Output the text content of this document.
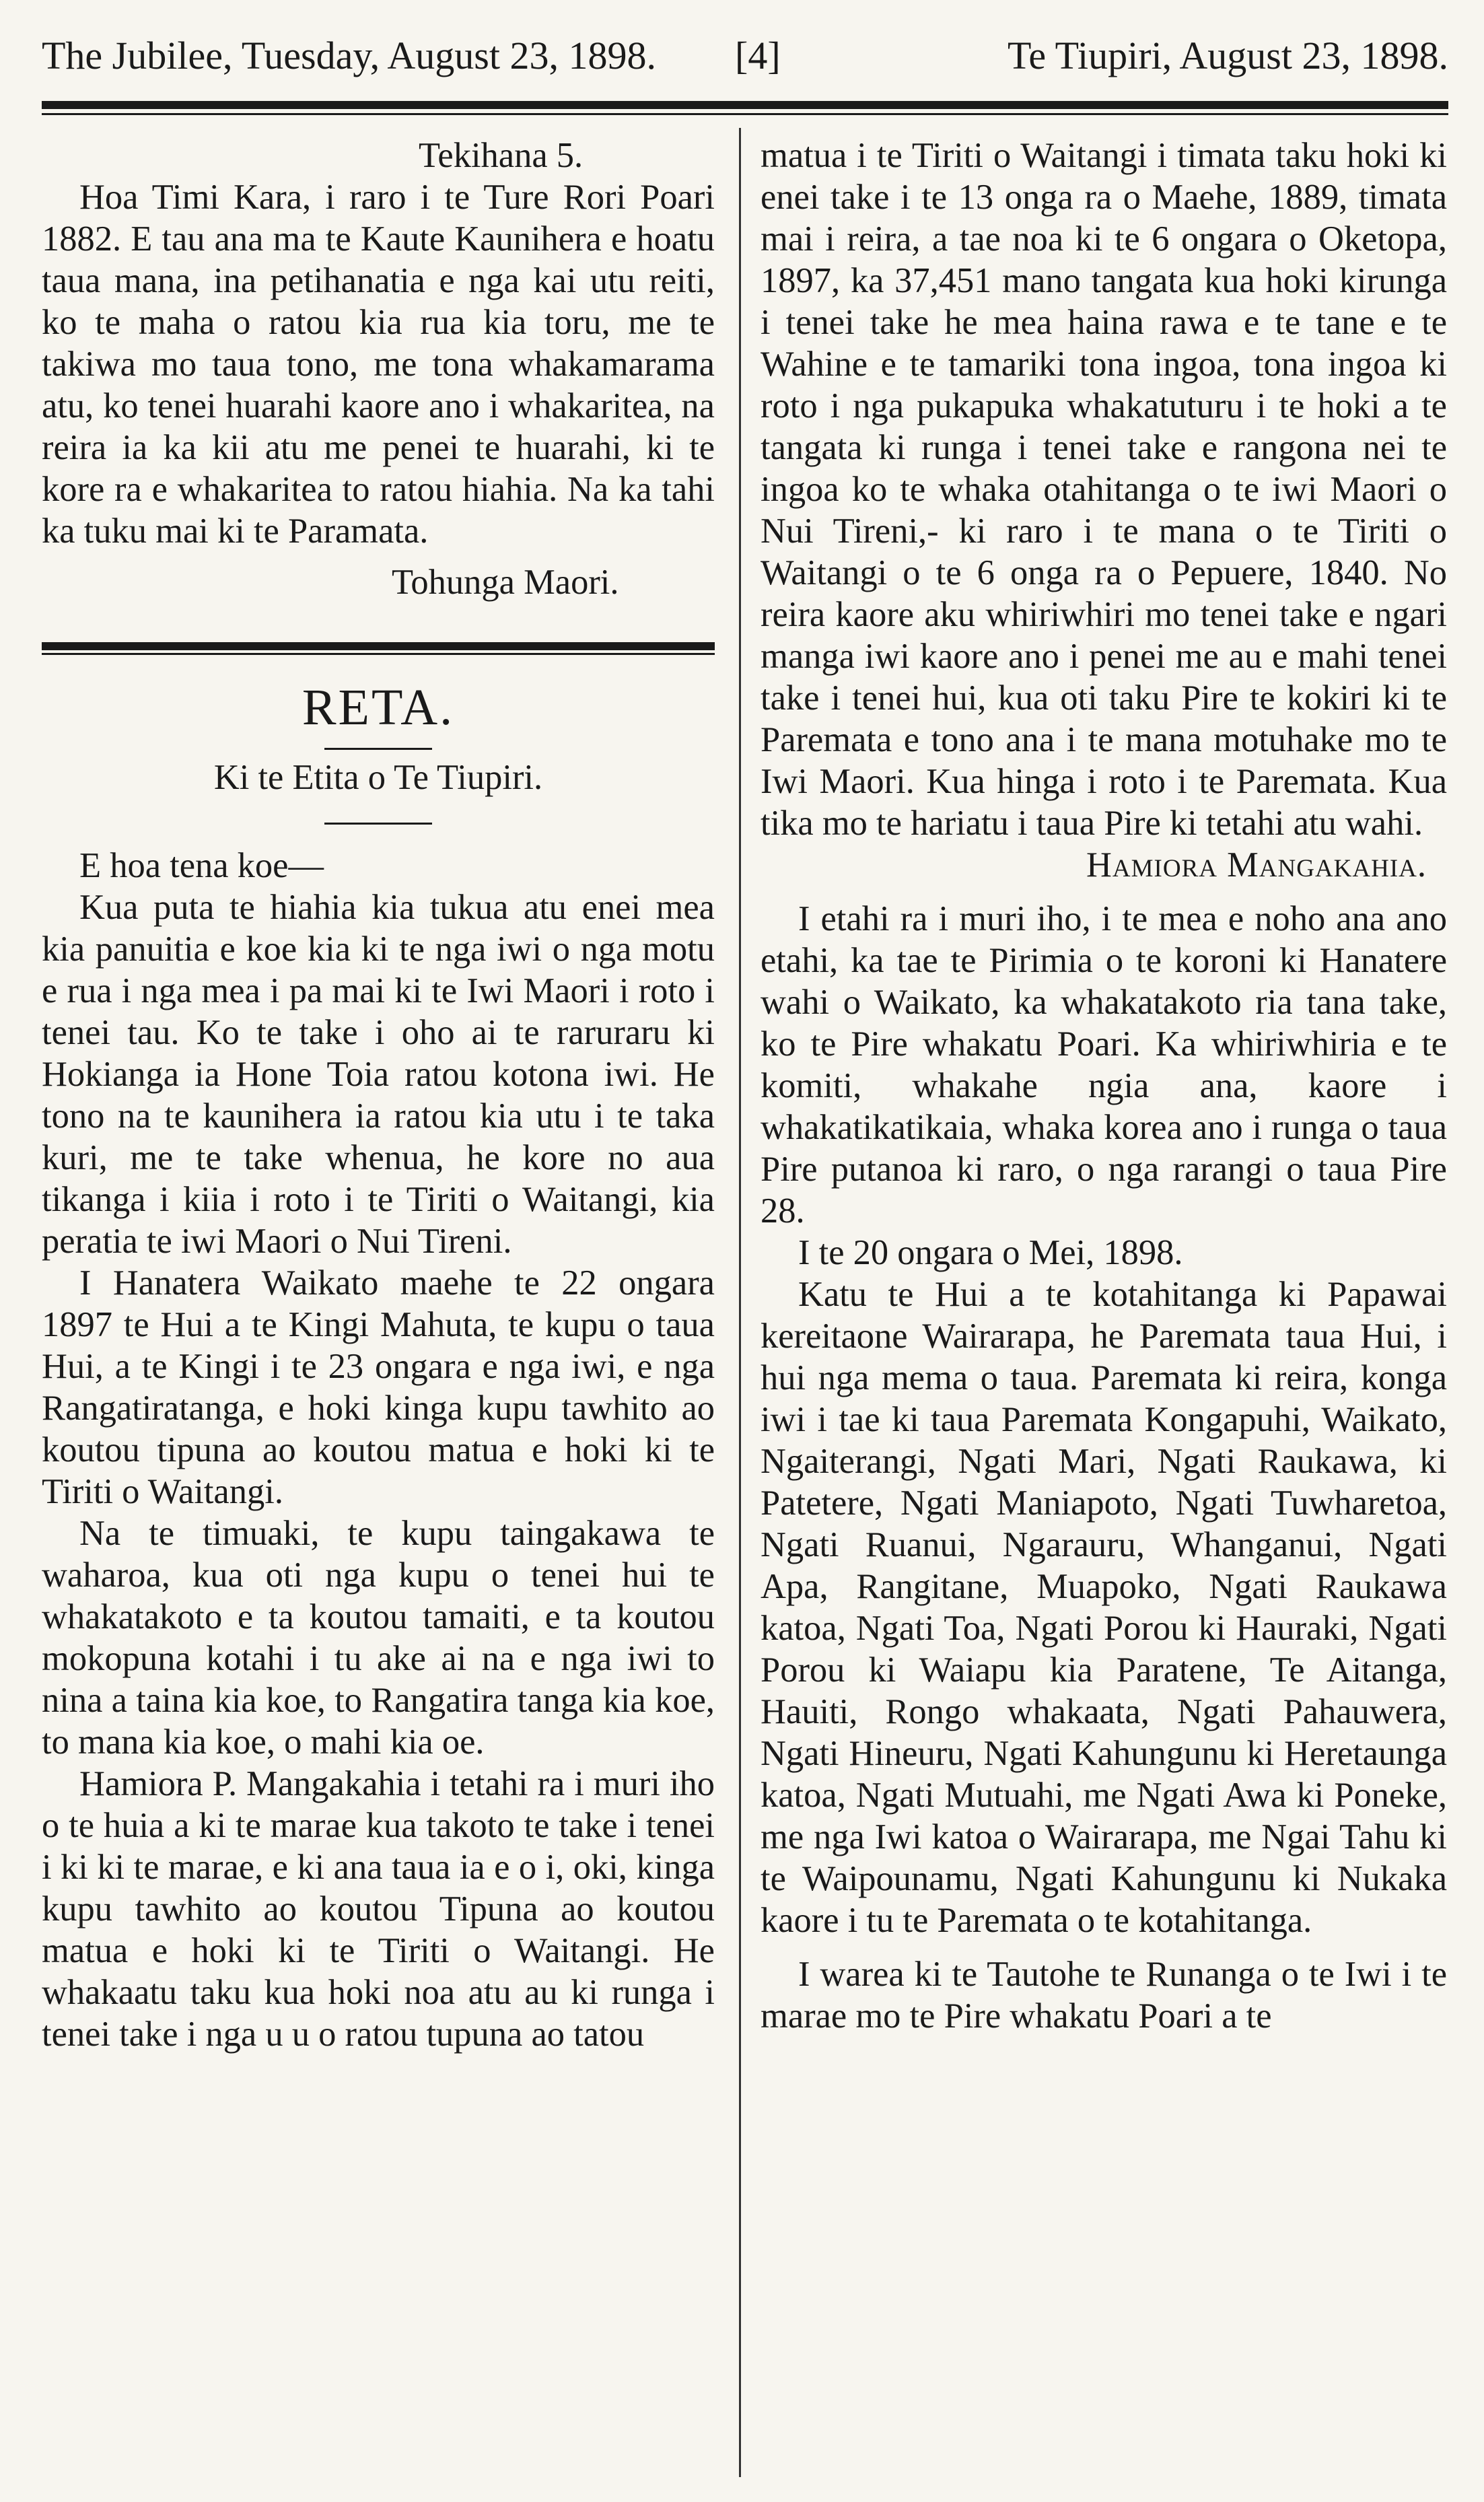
The Jubilee, Tuesday, August 23, 1898. [4]	Te Tiupiri, August 23, 1898.

Tekihana 5.

Hoa Timi Kara, i raro i te Ture Rori Poari 1882. E tau ana ma te Kaute Kaunihera e hoatu taua mana, ina petihanatia e nga kai utu reiti, ko te maha o ratou kia rua kia toru, me te takiwa mo taua tono, me tona whakamarama atu, ko tenei huarahi kaore ano i whakaritea, na reira ia ka kii atu me penei te huarahi, ki te kore ra e whakaritea to ratou hiahia. Na ka tahi ka tuku mai ki te Paramata.

Tohunga Maori.

RETA.

Ki te Etita o Te Tiupiri.

E hoa tena koe—

Kua puta te hiahia kia tukua atu enei mea kia panuitia e koe kia ki te nga iwi o nga motu e rua i nga mea i pa mai ki te Iwi Maori i roto i tenei tau. Ko te take i oho ai te raruraru ki Hokianga ia Hone Toia ratou kotona iwi. He tono na te kaunihera ia ratou kia utu i te taka kuri, me te take whenua, he kore no aua tikanga i kiia i roto i te Tiriti o Waitangi, kia peratia te iwi Maori o Nui Tireni.

I Hanatera Waikato maehe te 22 ongara 1897 te Hui a te Kingi Mahuta, te kupu o taua Hui, a te Kingi i te 23 ongara e nga iwi, e nga Rangatiratanga, e hoki kinga kupu tawhito ao koutou tipuna ao koutou matua e hoki ki te Tiriti o Waitangi.

Na te timuaki, te kupu taingakawa te waharoa, kua oti nga kupu o tenei hui te whakatakoto e ta koutou tamaiti, e ta koutou mokopuna kotahi i tu ake ai na e nga iwi to nina a taina kia koe, to Rangatira tanga kia koe, to mana kia koe, o mahi kia oe.

Hamiora P. Mangakahia i tetahi ra i muri iho o te huia a ki te marae kua takoto te take i tenei i ki ki te marae, e ki ana taua ia e o i, oki, kinga kupu tawhito ao koutou Tipuna ao koutou matua e hoki ki te Tiriti o Waitangi. He whakaatu taku kua hoki noa atu au ki runga i tenei take i nga u u o ratou tupuna ao tatou

matua i te Tiriti o Waitangi i timata taku hoki ki enei take i te 13 onga ra o Maehe, 1889, timata mai i reira, a tae noa ki te 6 ongara o Oketopa, 1897, ka 37,451 mano tangata kua hoki kirunga i tenei take he mea haina rawa e te tane e te Wahine e te tamariki tona ingoa, tona ingoa ki roto i nga pukapuka whakatuturu i te hoki a te tangata ki runga i tenei take e rangona nei te ingoa ko te whaka otahitanga o te iwi Maori o Nui Tireni,- ki raro i te mana o te Tiriti o Waitangi o te 6 onga ra o Pepuere, 1840. No reira kaore aku whiriwhiri mo tenei take e ngari manga iwi kaore ano i penei me au e mahi tenei take i tenei hui, kua oti taku Pire te kokiri ki te Paremata e tono ana i te mana motuhake mo te Iwi Maori. Kua hinga i roto i te Paremata. Kua tika mo te hariatu i taua Pire ki tetahi atu wahi.

Hamiora Mangakahia.

I etahi ra i muri iho, i te mea e noho ana ano etahi, ka tae te Pirimia o te koroni ki Hanatere wahi o Waikato, ka whakatakoto ria tana take, ko te Pire whakatu Poari. Ka whiriwhiria e te komiti, whakahe ngia ana, kaore i whakatikatikaia, whaka korea ano i runga o taua Pire putanoa ki raro, o nga rarangi o taua Pire 28.

I te 20 ongara o Mei, 1898.

Katu te Hui a te kotahitanga ki Papawai kereitaone Wairarapa, he Paremata taua Hui, i hui nga mema o taua. Paremata ki reira, konga iwi i tae ki taua Paremata Kongapuhi, Waikato, Ngaiterangi, Ngati Mari, Ngati Raukawa, ki Patetere, Ngati Maniapoto, Ngati Tuwharetoa, Ngati Ruanui, Ngarauru, Whanganui, Ngati Apa, Rangitane, Muapoko, Ngati Raukawa katoa, Ngati Toa, Ngati Porou ki Hauraki, Ngati Porou ki Waiapu kia Paratene, Te Aitanga, Hauiti, Rongo whakaata, Ngati Pahauwera, Ngati Hineuru, Ngati Kahungunu ki Heretaunga katoa, Ngati Mutuahi, me Ngati Awa ki Poneke, me nga Iwi katoa o Wairarapa, me Ngai Tahu ki te Waipounamu, Ngati Kahungunu ki Nukaka kaore i tu te Paremata o te kotahitanga.

I warea ki te Tautohe te Runanga o te Iwi i te marae mo te Pire whakatu Poari a te
